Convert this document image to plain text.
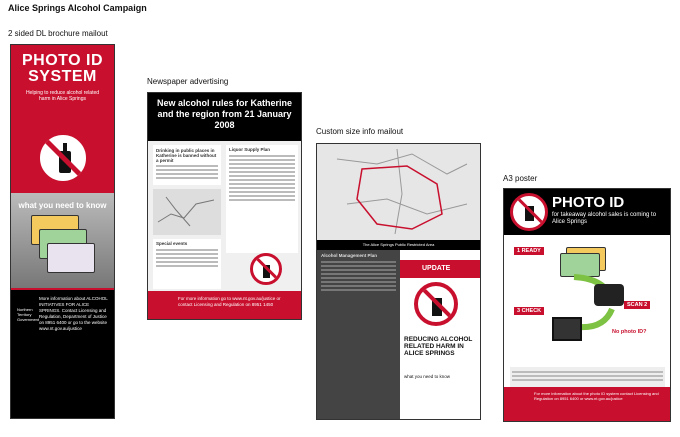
Alice Springs Alcohol Campaign
2 sided DL brochure mailout
Newspaper advertising
Custom size info mailout
A3 poster
PHOTO ID SYSTEM
Helping to reduce alcohol related harm in Alice Springs
what you need to know
More information about ALCOHOL INITIATIVES FOR ALICE SPRINGS. Contact Licensing and Regulation, Department of Justice on 8951 6400 or go to the website www.nt.gov.au/justice
Northern Territory Government
New alcohol rules for Katherine and the region from 21 January 2008
Drinking in public places in Katherine is banned without a permit
Special events
Liquor Supply Plan
For more information go to www.nt.gov.au/justice or contact Licensing and Regulation on 8951 1450
The Alice Springs Public Restricted Area
Alcohol Management Plan
UPDATE
REDUCING ALCOHOL RELATED HARM IN ALICE SPRINGS
what you need to know
PHOTO ID
for takeaway alcohol sales is coming to Alice Springs
1 READY
SCAN 2
3 CHECK
No photo ID?
For more information about the photo ID system contact Licensing and Regulation on 8951 6400 or www.nt.gov.au/justice
